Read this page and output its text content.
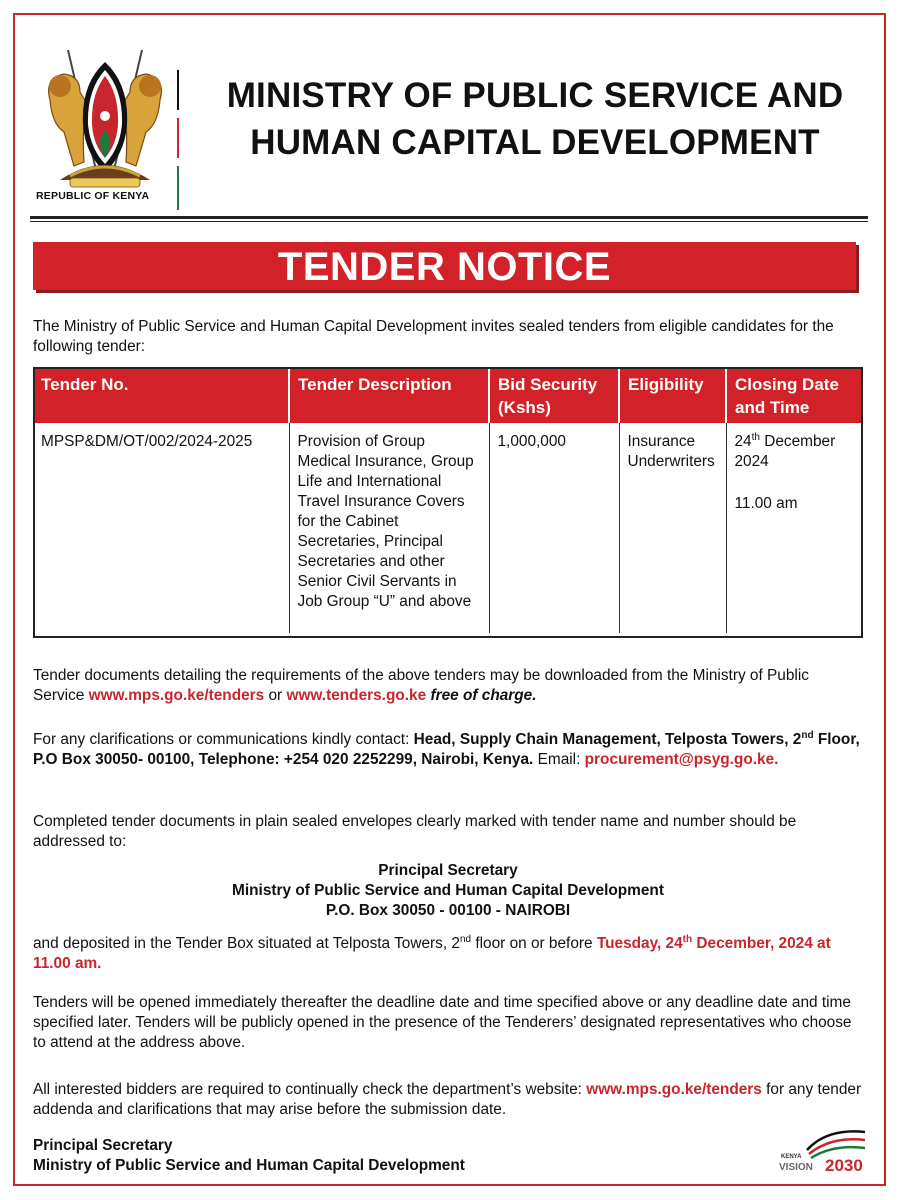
REPUBLIC OF KENYA
MINISTRY OF PUBLIC SERVICE AND
HUMAN CAPITAL DEVELOPMENT
TENDER NOTICE

The Ministry of Public Service and Human Capital Development invites sealed tenders from eligible candidates for the following tender:

Tender No.	Tender Description	Bid Security (Kshs)	Eligibility	Closing Date and Time
MPSP&DM/OT/002/2024-2025	Provision of Group Medical Insurance, Group Life and International Travel Insurance Covers for the Cabinet Secretaries, Principal Secretaries and other Senior Civil Servants in Job Group “U” and above	1,000,000	Insurance Underwriters	24th December 2024
11.00 am

Tender documents detailing the requirements of the above tenders may be downloaded from the Ministry of Public Service www.mps.go.ke/tenders or www.tenders.go.ke free of charge.

For any clarifications or communications kindly contact: Head, Supply Chain Management, Telposta Towers, 2nd Floor, P.O Box 30050- 00100, Telephone: +254 020 2252299, Nairobi, Kenya. Email: procurement@psyg.go.ke.

Completed tender documents in plain sealed envelopes clearly marked with tender name and number should be addressed to:

Principal Secretary
Ministry of Public Service and Human Capital Development
P.O. Box 30050 - 00100 - NAIROBI

and deposited in the Tender Box situated at Telposta Towers, 2nd floor on or before Tuesday, 24th December, 2024 at 11.00 am.

Tenders will be opened immediately thereafter the deadline date and time specified above or any deadline date and time specified later. Tenders will be publicly opened in the presence of the Tenderers’ designated representatives who choose to attend at the address above.

All interested bidders are required to continually check the department’s website: www.mps.go.ke/tenders for any tender addenda and clarifications that may arise before the submission date.

Principal Secretary
Ministry of Public Service and Human Capital Development	KENYA
VISION 2030
